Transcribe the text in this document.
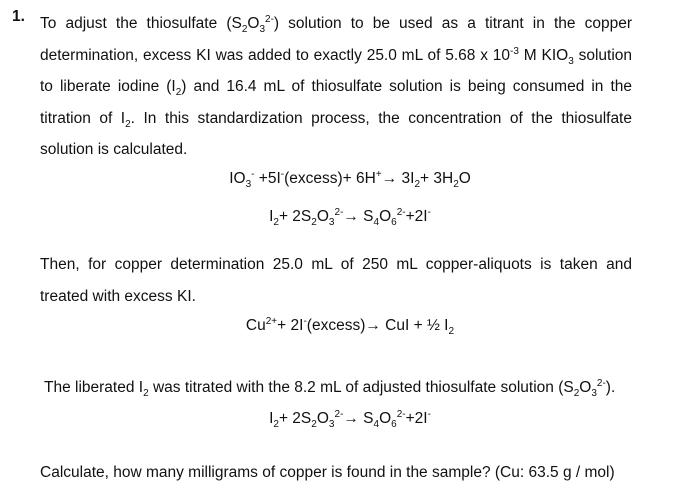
1. To adjust the thiosulfate $(S_2O_3^{2-})$ solution to be used as a titrant in the copper determination, excess KI was added to exactly 25.0 mL of 5.68 x $10^{-3}$ M $KIO_3$ solution to liberate iodine $(I_2)$ and 16.4 mL of thiosulfate solution is being consumed in the titration of $I_2$. In this standardization process, the concentration of the thiosulfate solution is calculated.
$IO_3^-$ +5I-(excess)+ $6H^+\to 3I_2+ 3H_2O$
$I_2+ 2S_2O_3^{2-}\to S_4O_6^{2-}+2I^-$
Then, for copper determination 25.0 mL of 250 mL copper-aliquots is taken and treated with excess KI.
$Cu^{2+}+$ 2I-(excess)→ CuI + ½ $I_2$
The liberated $I_2$ was titrated with the 8.2 mL of adjusted thiosulfate solution $(S_2O_3^{2-})$.
$I_2+ 2S_2O_3^{2-}\to S_4O_6^{2-}+2I^-$
Calculate, how many milligrams of copper is found in the sample? (Cu: 63.5 g / mol)
